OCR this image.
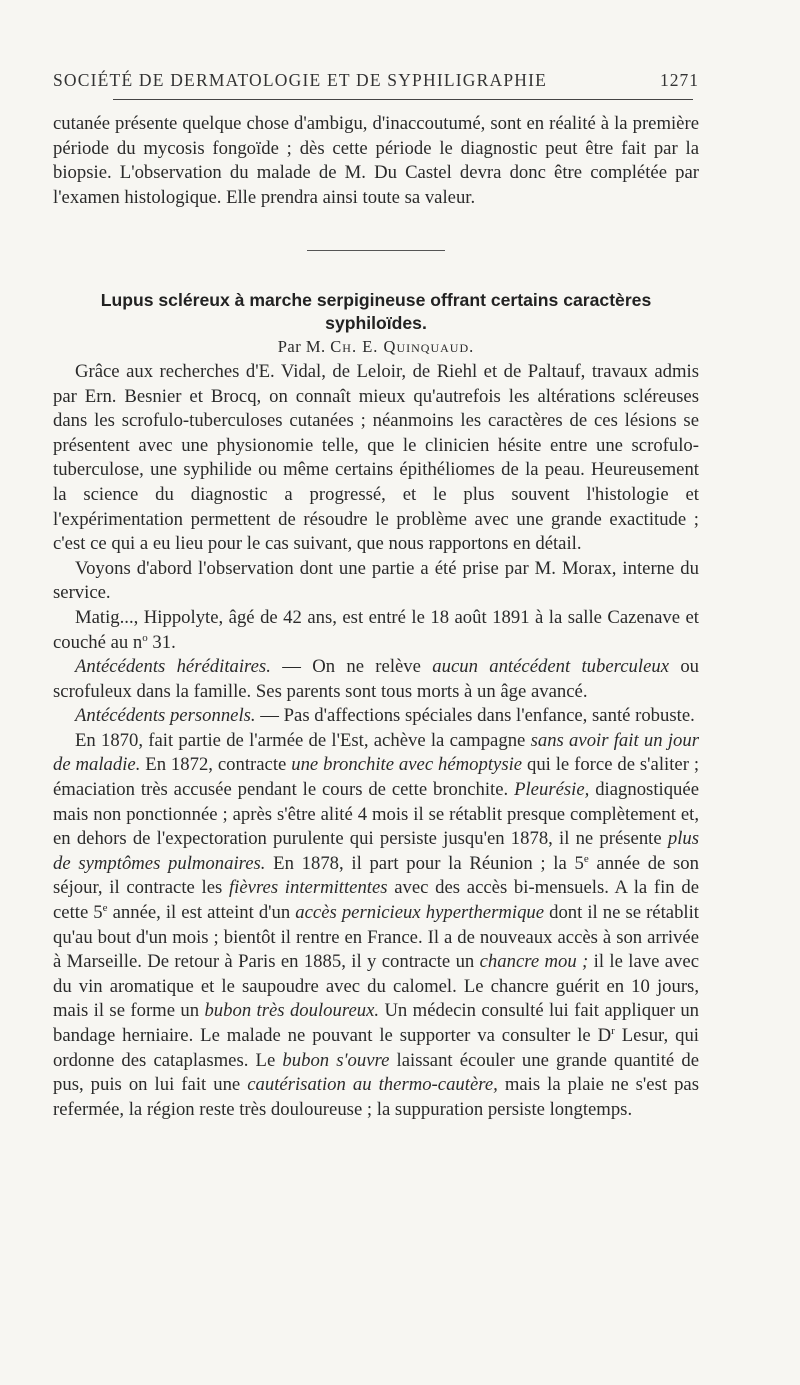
SOCIÉTÉ DE DERMATOLOGIE ET DE SYPHILIGRAPHIE	1271

cutanée présente quelque chose d'ambigu, d'inaccoutumé, sont en réalité à la première période du mycosis fongoïde ; dès cette période le diagnostic peut être fait par la biopsie. L'observation du malade de M. Du Castel devra donc être complétée par l'examen histologique. Elle prendra ainsi toute sa valeur.

Lupus scléreux à marche serpigineuse offrant certains caractères syphiloïdes.

Par M. Ch. E. Quinquaud.

Grâce aux recherches d'E. Vidal, de Leloir, de Riehl et de Paltauf, travaux admis par Ern. Besnier et Brocq, on connaît mieux qu'autrefois les altérations scléreuses dans les scrofulo-tuberculoses cutanées ; néanmoins les caractères de ces lésions se présentent avec une physionomie telle, que le clinicien hésite entre une scrofulo-tuberculose, une syphilide ou même certains épithéliomes de la peau. Heureusement la science du diagnostic a progressé, et le plus souvent l'histologie et l'expérimentation permettent de résoudre le problème avec une grande exactitude ; c'est ce qui a eu lieu pour le cas suivant, que nous rapportons en détail.

Voyons d'abord l'observation dont une partie a été prise par M. Morax, interne du service.

Matig..., Hippolyte, âgé de 42 ans, est entré le 18 août 1891 à la salle Cazenave et couché au $n^o$ 31.

Antécédents héréditaires. — On ne relève aucun antécédent tuberculeux ou scrofuleux dans la famille. Ses parents sont tous morts à un âge avancé.

Antécédents personnels. — Pas d'affections spéciales dans l'enfance, santé robuste.

En 1870, fait partie de l'armée de l'Est, achève la campagne sans avoir fait un jour de maladie. En 1872, contracte une bronchite avec hémoptysie qui le force de s'aliter ; émaciation très accusée pendant le cours de cette bronchite. Pleurésie, diagnostiquée mais non ponctionnée ; après s'être alité 4 mois il se rétablit presque complètement et, en dehors de l'expectoration purulente qui persiste jusqu'en 1878, il ne présente plus de symptômes pulmonaires. En 1878, il part pour la Réunion ; la 5e année de son séjour, il contracte les fièvres intermittentes avec des accès bi-mensuels. A la fin de cette 5e année, il est atteint d'un accès pernicieux hyperthermique dont il ne se rétablit qu'au bout d'un mois ; bientôt il rentre en France. Il a de nouveaux accès à son arrivée à Marseille. De retour à Paris en 1885, il y contracte un chancre mou ; il le lave avec du vin aromatique et le saupoudre avec du calomel. Le chancre guérit en 10 jours, mais il se forme un bubon très douloureux. Un médecin consulté lui fait appliquer un bandage herniaire. Le malade ne pouvant le supporter va consulter le $D^r$ Lesur, qui ordonne des cataplasmes. Le bubon s'ouvre laissant écouler une grande quantité de pus, puis on lui fait une cautérisation au thermo-cautère, mais la plaie ne s'est pas refermée, la région reste très douloureuse ; la suppuration persiste longtemps.
